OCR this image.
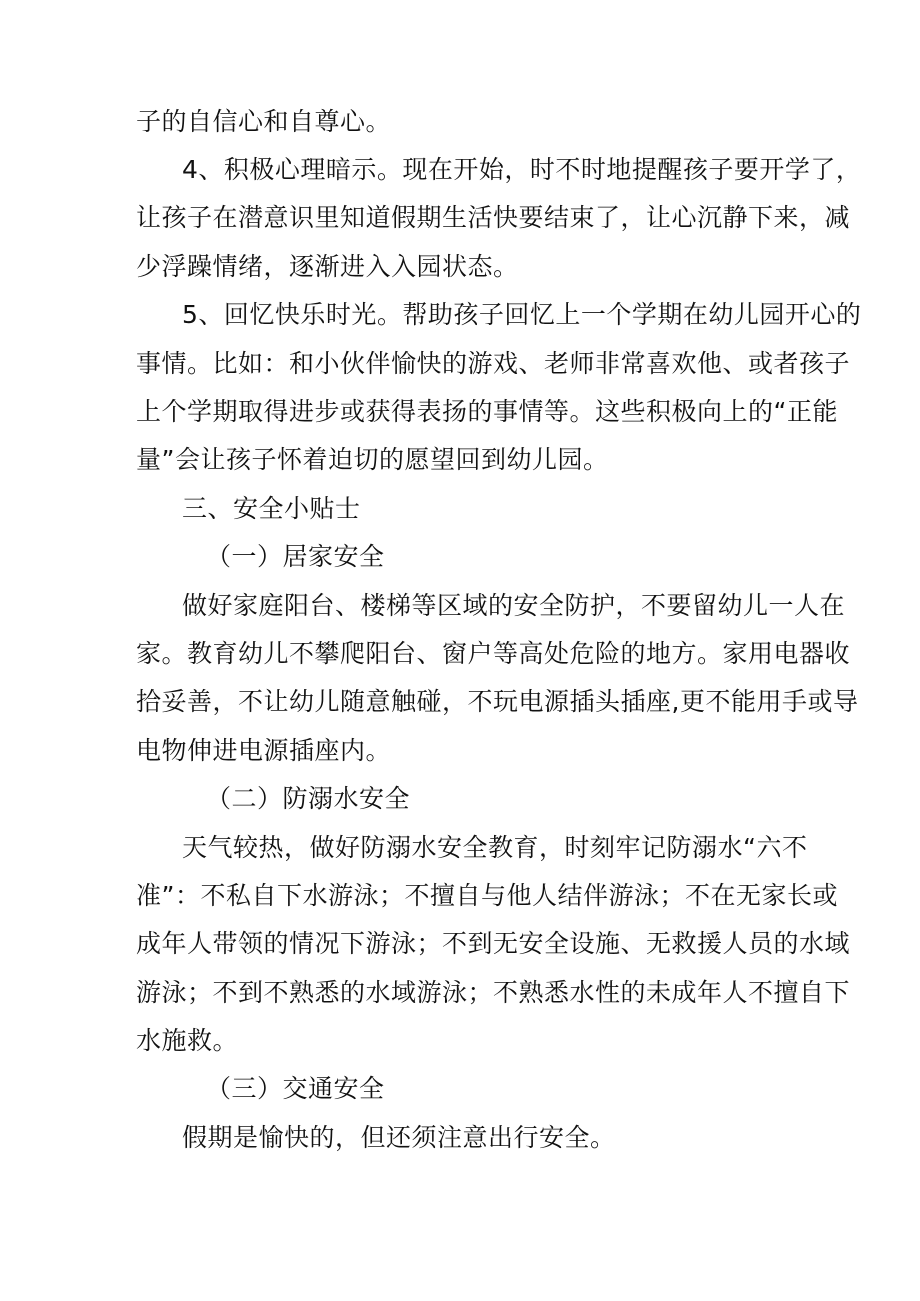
子的自信心和自尊心。
4、积极心理暗示。现在开始，时不时地提醒孩子要开学了，
让孩子在潜意识里知道假期生活快要结束了，让心沉静下来，减
少浮躁情绪，逐渐进入入园状态。
5、回忆快乐时光。帮助孩子回忆上一个学期在幼儿园开心的
事情。比如：和小伙伴愉快的游戏、老师非常喜欢他、或者孩子
上个学期取得进步或获得表扬的事情等。这些积极向上的“正能
量”会让孩子怀着迫切的愿望回到幼儿园。
三、安全小贴士
（一）居家安全
做好家庭阳台、楼梯等区域的安全防护，不要留幼儿一人在
家。教育幼儿不攀爬阳台、窗户等高处危险的地方。家用电器收
拾妥善，不让幼儿随意触碰，不玩电源插头插座,更不能用手或导
电物伸进电源插座内。
（二）防溺水安全
天气较热，做好防溺水安全教育，时刻牢记防溺水“六不
准”：不私自下水游泳；不擅自与他人结伴游泳；不在无家长或
成年人带领的情况下游泳；不到无安全设施、无救援人员的水域
游泳；不到不熟悉的水域游泳；不熟悉水性的未成年人不擅自下
水施救。
（三）交通安全
假期是愉快的，但还须注意出行安全。
